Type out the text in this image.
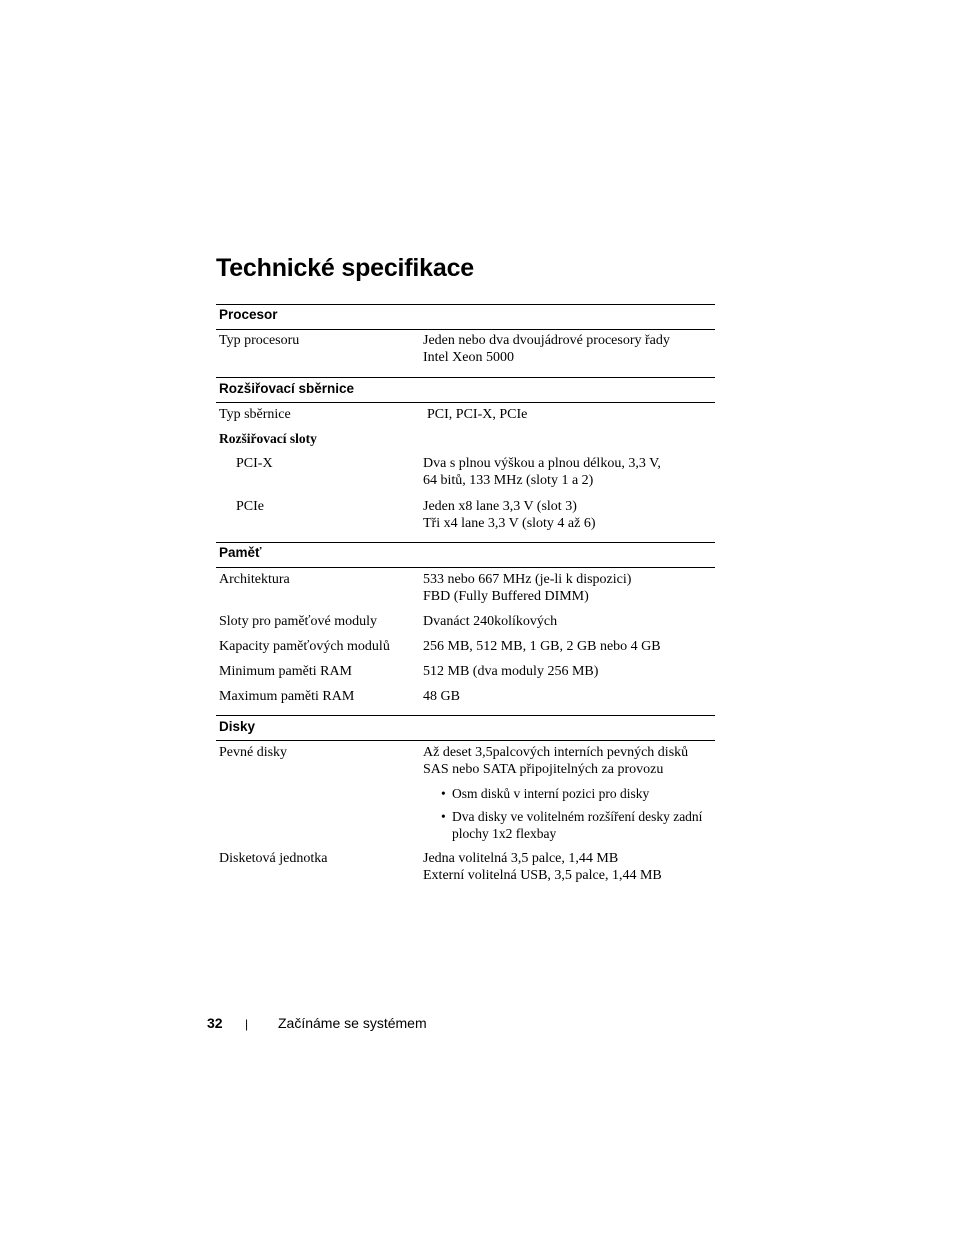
Technické specifikace
Procesor
Typ procesoru	Jeden nebo dva dvoujádrové procesory řady
Intel Xeon 5000
Rozšiřovací sběrnice
Typ sběrnice	PCI, PCI-X, PCIe
Rozšiřovací sloty
PCI-X	Dva s plnou výškou a plnou délkou, 3,3 V,
64 bitů, 133 MHz (sloty 1 a 2)
PCIe	Jeden x8 lane 3,3 V (slot 3)
Tři x4 lane 3,3 V (sloty 4 až 6)
Paměť
Architektura	533 nebo 667 MHz (je-li k dispozici)
FBD (Fully Buffered DIMM)
Sloty pro paměťové moduly	Dvanáct 240kolíkových
Kapacity paměťových modulů 256 MB, 512 MB, 1 GB, 2 GB nebo 4 GB
Minimum paměti RAM	512 MB (dva moduly 256 MB)
Maximum paměti RAM	48 GB
Disky
Pevné disky	Až deset 3,5palcových interních pevných disků
SAS nebo SATA připojitelných za provozu
• Osm disků v interní pozici pro disky
• Dva disky ve volitelném rozšíření desky zadní plochy 1x2 flexbay
Disketová jednotka	Jedna volitelná 3,5 palce, 1,44 MB
Externí volitelná USB, 3,5 palce, 1,44 MB
32 | Začínáme se systémem
